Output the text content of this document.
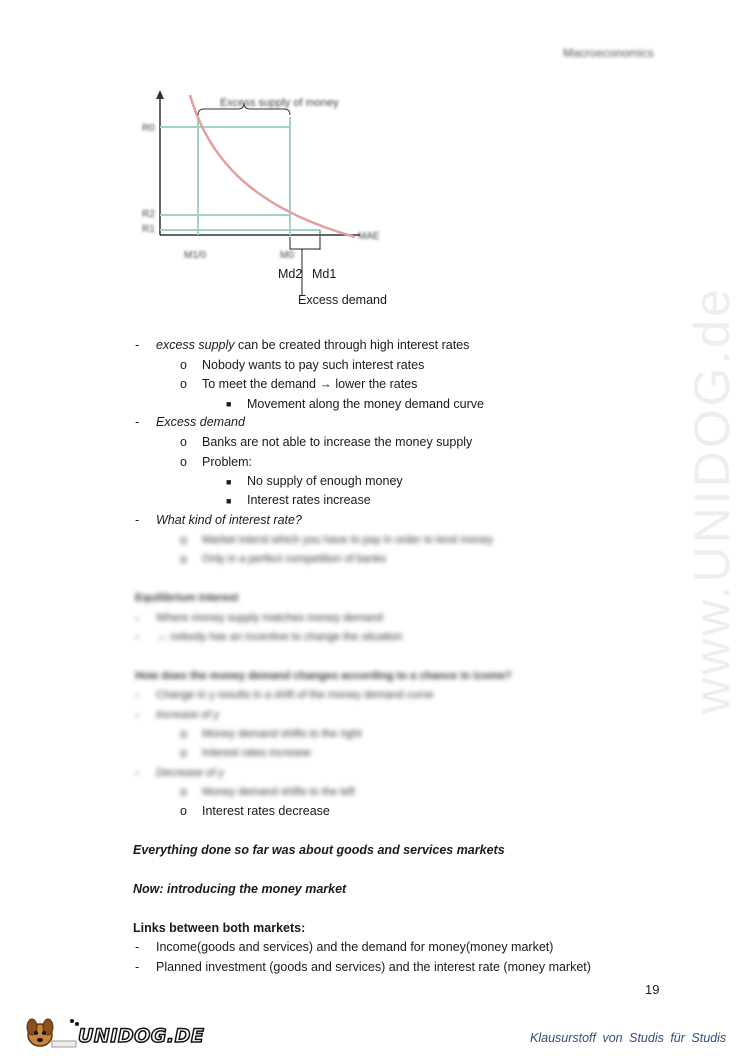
Macroeconomics
www.UNIDOG.de
Excess supply of money
R0
R2
R1
M1/0	M0
MAE
Md2 Md1
Excess demand
- excess supply can be created through high interest rates
o Nobody wants to pay such interest rates
o To meet the demand → lower the rates
■ Movement along the money demand curve
- Excess demand
o Banks are not able to increase the money supply
o Problem:
■ No supply of enough money
■ Interest rates increase
- What kind of interest rate?
o Market interst which you have to pay in order to lend money
o Only in a perfect competition of banks
Equilibrium interest
- Where money supply matches money demand
- → nobody has an incentive to change the situation
How does the money demand changes according to a chance in icome?
- Change in y results in a shift of the money demand curve
- Increase of y
o Money demand shifts to the right
o Interest rates increase
- Decrease of y
o Money demand shifts to the left
o Interest rates decrease
Everything done so far was about goods and services markets
Now: introducing the money market
Links between both markets:
- Income(goods and services) and the demand for money(money market)
- Planned investment (goods and services) and the interest rate (money market)
19
UNIDOG.DE	Klausurstoff von Studis für Studis
